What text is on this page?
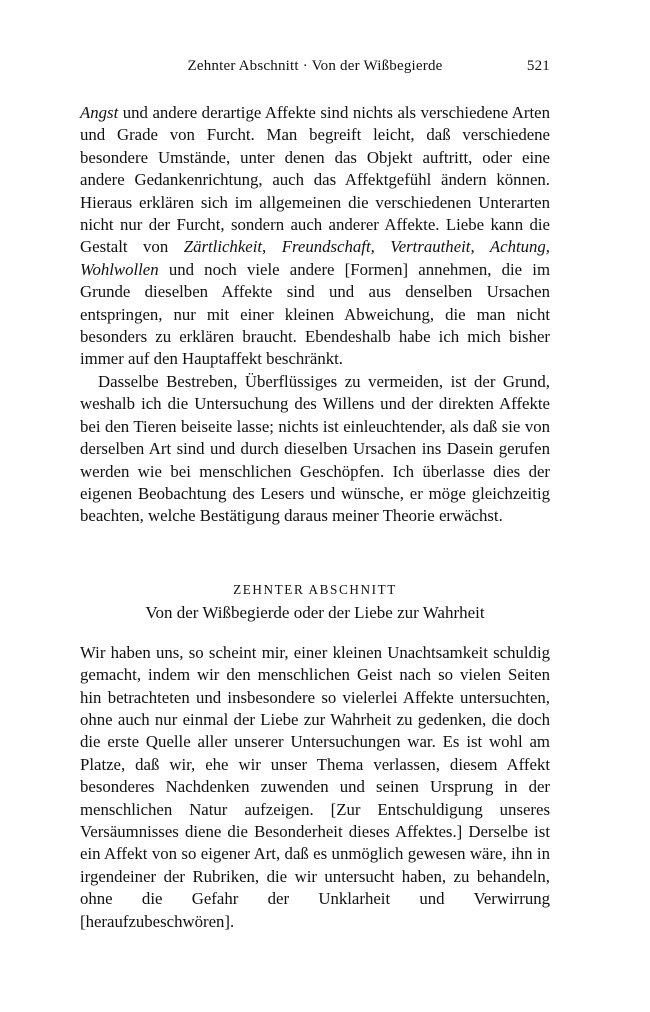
Zehnter Abschnitt · Von der Wißbegierde	521

Angst und andere derartige Affekte sind nichts als verschiedene Arten und Grade von Furcht. Man begreift leicht, daß verschiedene besondere Umstände, unter denen das Objekt auftritt, oder eine andere Gedankenrichtung, auch das Affektgefühl ändern können. Hieraus erklären sich im allgemeinen die verschiedenen Unterarten nicht nur der Furcht, sondern auch anderer Affekte. Liebe kann die Gestalt von Zärtlichkeit, Freundschaft, Vertrautheit, Achtung, Wohlwollen und noch viele andere [Formen] annehmen, die im Grunde dieselben Affekte sind und aus denselben Ursachen entspringen, nur mit einer kleinen Abweichung, die man nicht besonders zu erklären braucht. Ebendeshalb habe ich mich bisher immer auf den Hauptaffekt beschränkt.

Dasselbe Bestreben, Überflüssiges zu vermeiden, ist der Grund, weshalb ich die Untersuchung des Willens und der direkten Affekte bei den Tieren beiseite lasse; nichts ist einleuchtender, als daß sie von derselben Art sind und durch dieselben Ursachen ins Dasein gerufen werden wie bei menschlichen Geschöpfen. Ich überlasse dies der eigenen Beobachtung des Lesers und wünsche, er möge gleichzeitig beachten, welche Bestätigung daraus meiner Theorie erwächst.

ZEHNTER ABSCHNITT
Von der Wißbegierde oder der Liebe zur Wahrheit

Wir haben uns, so scheint mir, einer kleinen Unachtsamkeit schuldig gemacht, indem wir den menschlichen Geist nach so vielen Seiten hin betrachteten und insbesondere so vielerlei Affekte untersuchten, ohne auch nur einmal der Liebe zur Wahrheit zu gedenken, die doch die erste Quelle aller unserer Untersuchungen war. Es ist wohl am Platze, daß wir, ehe wir unser Thema verlassen, diesem Affekt besonderes Nachdenken zuwenden und seinen Ursprung in der menschlichen Natur aufzeigen. [Zur Entschuldigung unseres Versäumnisses diene die Besonderheit dieses Affektes.] Derselbe ist ein Affekt von so eigener Art, daß es unmöglich gewesen wäre, ihn in irgendeiner der Rubriken, die wir untersucht haben, zu behandeln, ohne die Gefahr der Unklarheit und Verwirrung [heraufzubeschwören].
